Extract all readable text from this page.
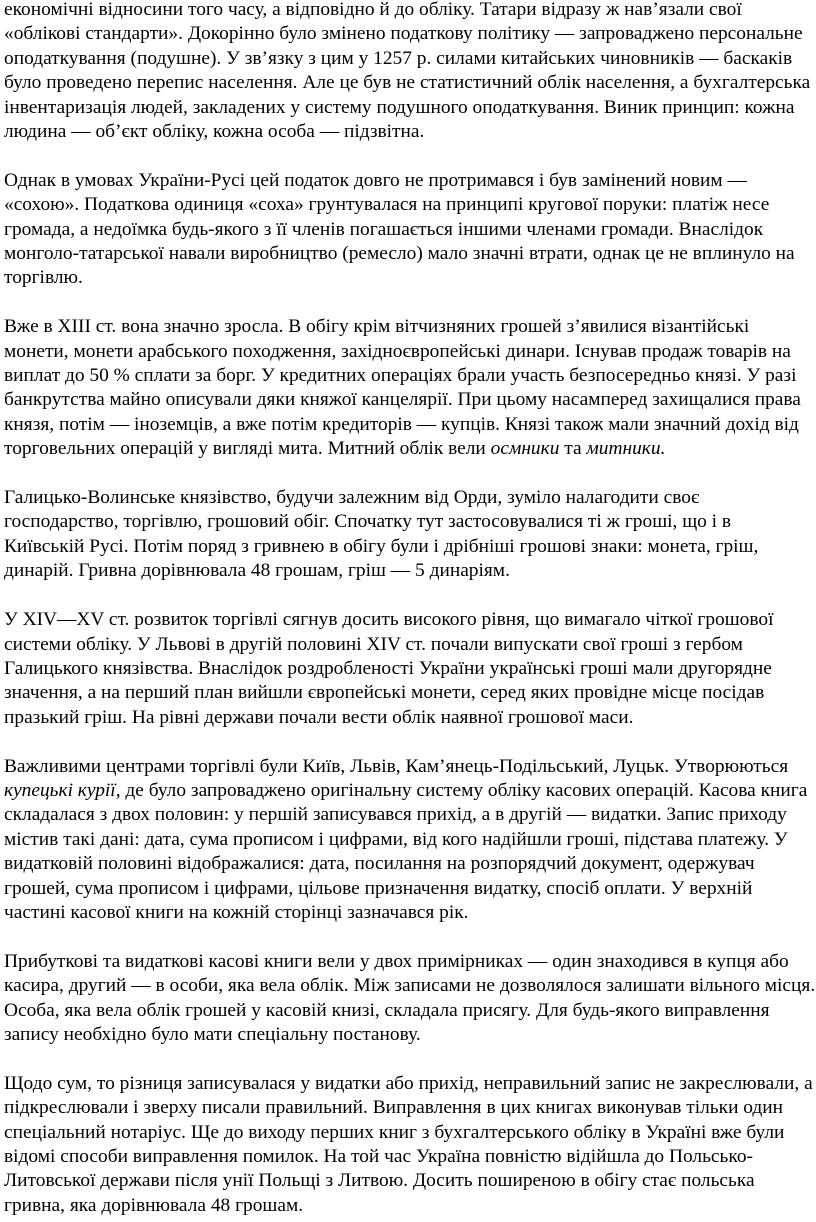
економічні відносини того часу, а відповідно й до обліку. Татари відразу ж нав’язали свої «облікові стандарти». Докорінно було змінено податкову політику — запроваджено персональне оподаткування (подушне). У зв’язку з цим у 1257 р. силами китайських чиновників — баскаків було проведено перепис населення. Але це був не статистичний облік населення, а бухгалтерська інвентаризація людей, закладених у систему подушного оподаткування. Виник принцип: кожна людина — об’єкт обліку, кожна особа — підзвітна.

Однак в умовах України-Русі цей податок довго не протримався і був замінений новим — «сохою». Податкова одиниця «соха» грунтувалася на принципі кругової поруки: платіж несе громада, а недоїмка будь-якого з її членів погашається іншими членами громади. Внаслідок монголо-татарської навали виробництво (ремесло) мало значні втрати, однак це не вплинуло на торгівлю.

Вже в XIII ст. вона значно зросла. В обігу крім вітчизняних грошей з’явилися візантійські монети, монети арабського походження, західноєвропейські динари. Існував продаж товарів на виплат до 50 % сплати за борг. У кредитних операціях брали участь безпосередньо князі. У разі банкрутства майно описували дяки княжої канцелярії. При цьому насамперед захищалися права князя, потім — іноземців, а вже потім кредиторів — купців. Князі також мали значний дохід від торговельних операцій у вигляді мита. Митний облік вели осмники та митники.

Галицько-Волинське князівство, будучи залежним від Орди, зуміло налагодити своє господарство, торгівлю, грошовий обіг. Спочатку тут застосовувалися ті ж гроші, що і в Київській Русі. Потім поряд з гривнею в обігу були і дрібніші грошові знаки: монета, гріш, динарій. Гривна дорівнювала 48 грошам, гріш — 5 динаріям.

У XIV—XV ст. розвиток торгівлі сягнув досить високого рівня, що вимагало чіткої грошової системи обліку. У Львові в другій половині XIV ст. почали випускати свої гроші з гербом Галицького князівства. Внаслідок роздробленості України українські гроші мали другорядне значення, а на перший план вийшли європейські монети, серед яких провідне місце посідав празький гріш. На рівні держави почали вести облік наявної грошової маси.

Важливими центрами торгівлі були Київ, Львів, Кам’янець-Подільський, Луцьк. Утворюються купецькі курії, де було запроваджено оригінальну систему обліку касових операцій. Касова книга складалася з двох половин: у першій записувався прихід, а в другій — видатки. Запис приходу містив такі дані: дата, сума прописом і цифрами, від кого надійшли гроші, підстава платежу. У видатковій половині відображалися: дата, посилання на розпорядчий документ, одержувач грошей, сума прописом і цифрами, цільове призначення видатку, спосіб оплати. У верхній частині касової книги на кожній сторінці зазначався рік.

Прибуткові та видаткові касові книги вели у двох примірниках — один знаходився в купця або касира, другий — в особи, яка вела облік. Між записами не дозволялося залишати вільного місця. Особа, яка вела облік грошей у касовій книзі, складала присягу. Для будь-якого виправлення запису необхідно було мати спеціальну постанову.

Щодо сум, то різниця записувалася у видатки або прихід, неправильний запис не закреслювали, а підкреслювали і зверху писали правильний. Виправлення в цих книгах виконував тільки один спеціальний нотаріус. Ще до виходу перших книг з бухгалтерського обліку в Україні вже були відомі способи виправлення помилок. На той час Україна повністю відійшла до Польсько-Литовської держави після унії Польщі з Литвою. Досить поширеною в обігу стає польська гривна, яка дорівнювала 48 грошам.
